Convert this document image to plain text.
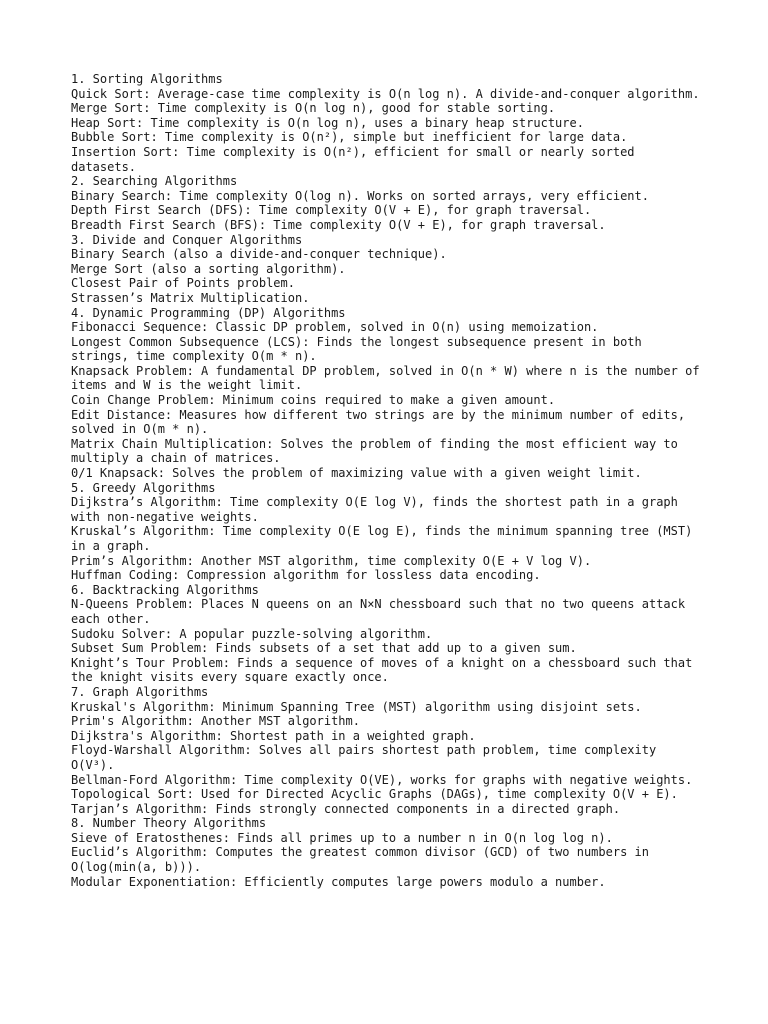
1. Sorting Algorithms
Quick Sort: Average-case time complexity is O(n log n). A divide-and-conquer algorithm.
Merge Sort: Time complexity is O(n log n), good for stable sorting.
Heap Sort: Time complexity is O(n log n), uses a binary heap structure.
Bubble Sort: Time complexity is O(n²), simple but inefficient for large data.
Insertion Sort: Time complexity is O(n²), efficient for small or nearly sorted datasets.
2. Searching Algorithms
Binary Search: Time complexity O(log n). Works on sorted arrays, very efficient.
Depth First Search (DFS): Time complexity O(V + E), for graph traversal.
Breadth First Search (BFS): Time complexity O(V + E), for graph traversal.
3. Divide and Conquer Algorithms
Binary Search (also a divide-and-conquer technique).
Merge Sort (also a sorting algorithm).
Closest Pair of Points problem.
Strassen’s Matrix Multiplication.
4. Dynamic Programming (DP) Algorithms
Fibonacci Sequence: Classic DP problem, solved in O(n) using memoization.
Longest Common Subsequence (LCS): Finds the longest subsequence present in both strings, time complexity O(m * n).
Knapsack Problem: A fundamental DP problem, solved in O(n * W) where n is the number of items and W is the weight limit.
Coin Change Problem: Minimum coins required to make a given amount.
Edit Distance: Measures how different two strings are by the minimum number of edits, solved in O(m * n).
Matrix Chain Multiplication: Solves the problem of finding the most efficient way to multiply a chain of matrices.
0/1 Knapsack: Solves the problem of maximizing value with a given weight limit.
5. Greedy Algorithms
Dijkstra’s Algorithm: Time complexity O(E log V), finds the shortest path in a graph with non-negative weights.
Kruskal’s Algorithm: Time complexity O(E log E), finds the minimum spanning tree (MST) in a graph.
Prim’s Algorithm: Another MST algorithm, time complexity O(E + V log V).
Huffman Coding: Compression algorithm for lossless data encoding.
6. Backtracking Algorithms
N-Queens Problem: Places N queens on an N×N chessboard such that no two queens attack each other.
Sudoku Solver: A popular puzzle-solving algorithm.
Subset Sum Problem: Finds subsets of a set that add up to a given sum.
Knight’s Tour Problem: Finds a sequence of moves of a knight on a chessboard such that the knight visits every square exactly once.
7. Graph Algorithms
Kruskal's Algorithm: Minimum Spanning Tree (MST) algorithm using disjoint sets.
Prim's Algorithm: Another MST algorithm.
Dijkstra's Algorithm: Shortest path in a weighted graph.
Floyd-Warshall Algorithm: Solves all pairs shortest path problem, time complexity O(V³).
Bellman-Ford Algorithm: Time complexity O(VE), works for graphs with negative weights.
Topological Sort: Used for Directed Acyclic Graphs (DAGs), time complexity O(V + E).
Tarjan’s Algorithm: Finds strongly connected components in a directed graph.
8. Number Theory Algorithms
Sieve of Eratosthenes: Finds all primes up to a number n in O(n log log n).
Euclid’s Algorithm: Computes the greatest common divisor (GCD) of two numbers in O(log(min(a, b))).
Modular Exponentiation: Efficiently computes large powers modulo a number.
